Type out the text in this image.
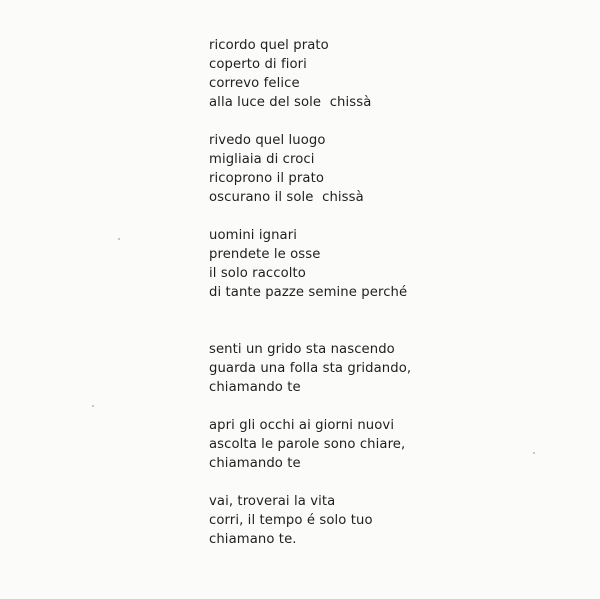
ricordo quel prato
coperto di fiori
correvo felice
alla luce del sole  chissà
rivedo quel luogo
migliaia di croci
ricoprono il prato
oscurano il sole  chissà
uomini ignari
prendete le osse
il solo raccolto
di tante pazze semine perché
senti un grido sta nascendo
guarda una folla sta gridando,
chiamando te
apri gli occhi ai giorni nuovi
ascolta le parole sono chiare,
chiamando te
vai, troverai la vita
corri, il tempo é solo tuo
chiamano te.
